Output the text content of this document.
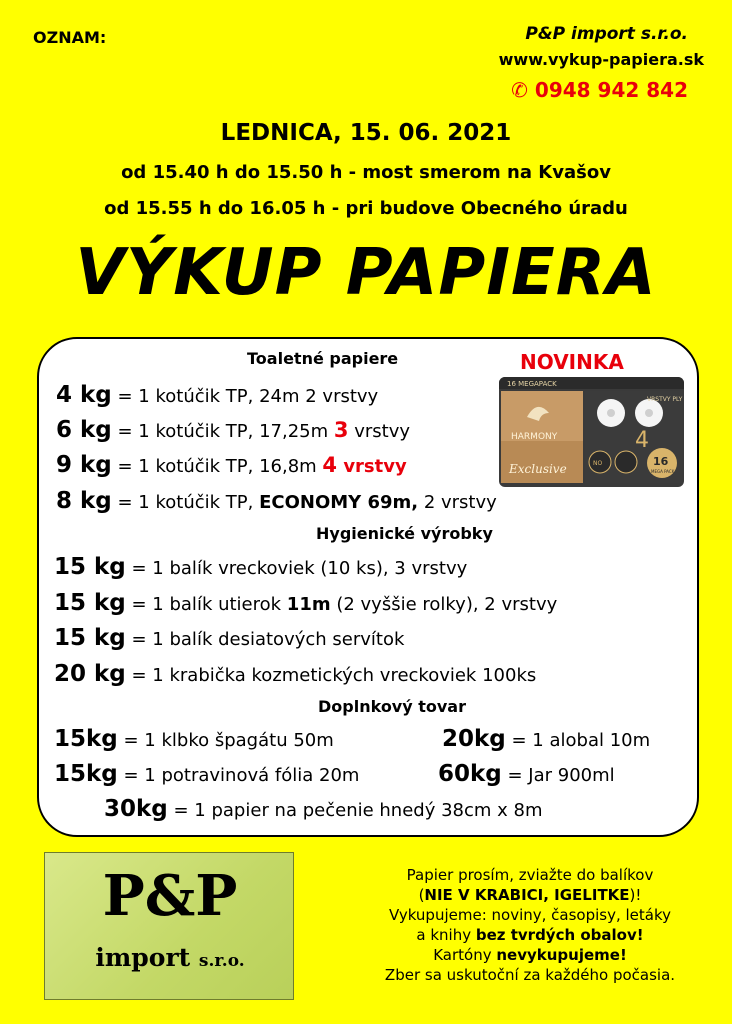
OZNAM:	P&P import s.r.o.
www.vykup-papiera.sk
✆ 0948 942 842
LEDNICA, 15. 06. 2021
od 15.40 h do 15.50 h - most smerom na Kvašov
od 15.55 h do 16.05 h - pri budove Obecného úradu
VÝKUP PAPIERA
Toaletné papiere	NOVINKA
4 kg = 1 kotúčik TP, 24m 2 vrstvy
6 kg = 1 kotúčik TP, 17,25m 3 vrstvy
9 kg = 1 kotúčik TP, 16,8m 4 vrstvy
8 kg = 1 kotúčik TP, ECONOMY 69m, 2 vrstvy
16 MEGAPACK
HARMONY
Exclusive
VRSTVY PLY
4
NO	16
MEGA PACK
Hygienické výrobky
15 kg = 1 balík vreckoviek (10 ks), 3 vrstvy
15 kg = 1 balík utierok 11m (2 vyššie rolky), 2 vrstvy
15 kg = 1 balík desiatových servítok
20 kg = 1 krabička kozmetických vreckoviek 100ks
Doplnkový tovar
15kg = 1 klbko špagátu 50m	20kg = 1 alobal 10m
15kg = 1 potravinová fólia 20m	60kg = Jar 900ml
30kg = 1 papier na pečenie hnedý 38cm x 8m
P&P
import s.r.o.
Papier prosím, zviažte do balíkov
(NIE V KRABICI, IGELITKE)!
Vykupujeme: noviny, časopisy, letáky
a knihy bez tvrdých obalov!
Kartóny nevykupujeme!
Zber sa uskutoční za každého počasia.
